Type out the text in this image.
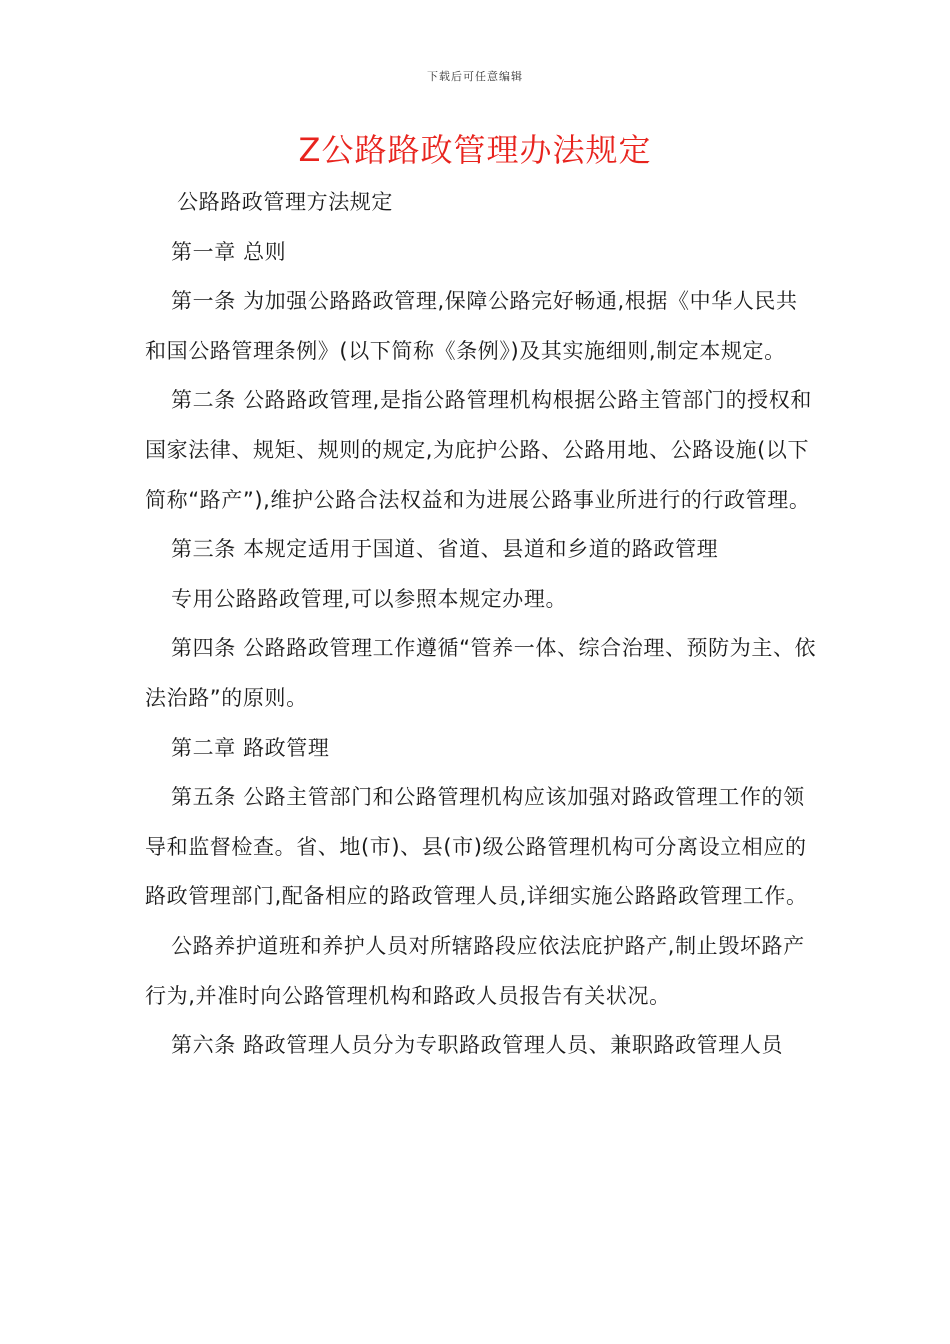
下载后可任意编辑
Z公路路政管理办法规定

公路路政管理方法规定

第一章 总则

第一条 为加强公路路政管理,保障公路完好畅通,根据《中华人民共和国公路管理条例》(以下简称《条例》)及其实施细则,制定本规定。

第二条 公路路政管理,是指公路管理机构根据公路主管部门的授权和国家法律、规矩、规则的规定,为庇护公路、公路用地、公路设施(以下简称“路产”),维护公路合法权益和为进展公路事业所进行的行政管理。

第三条 本规定适用于国道、省道、县道和乡道的路政管理

专用公路路政管理,可以参照本规定办理。

第四条 公路路政管理工作遵循“管养一体、综合治理、预防为主、依法治路”的原则。

第二章 路政管理

第五条 公路主管部门和公路管理机构应该加强对路政管理工作的领导和监督检查。省、地(市)、县(市)级公路管理机构可分离设立相应的路政管理部门,配备相应的路政管理人员,详细实施公路路政管理工作。

公路养护道班和养护人员对所辖路段应依法庇护路产,制止毁坏路产行为,并准时向公路管理机构和路政人员报告有关状况。

第六条 路政管理人员分为专职路政管理人员、兼职路政管理人员
